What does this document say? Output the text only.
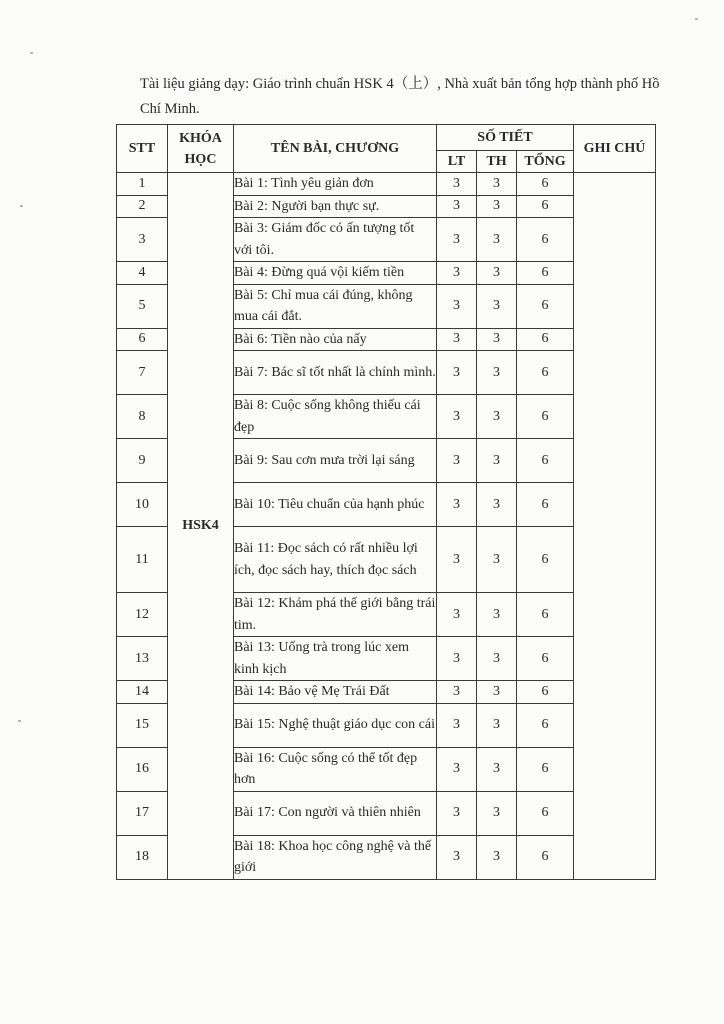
Tài liệu giảng dạy: Giáo trình chuẩn HSK 4（上）, Nhà xuất bản tổng hợp thành phố Hồ Chí Minh.
STT	KHÓA HỌC	TÊN BÀI, CHƯƠNG	SỐ TIẾT			GHI CHÚ
			LT	TH	TỔNG	
1	HSK4	Bài 1: Tình yêu giản đơn	3	3	6	
2		Bài 2: Người bạn thực sự.	3	3	6	
3		Bài 3: Giám đốc có ấn tượng tốt với tôi.	3	3	6	
4		Bài 4: Đừng quá vội kiếm tiền	3	3	6	
5		Bài 5: Chỉ mua cái đúng, không mua cái đắt.	3	3	6	
6		Bài 6: Tiền nào của nấy	3	3	6	
7		Bài 7: Bác sĩ tốt nhất là chính mình.	3	3	6	
8		Bài 8: Cuộc sống không thiếu cái đẹp	3	3	6	
9		Bài 9: Sau cơn mưa trời lại sáng	3	3	6	
10		Bài 10: Tiêu chuẩn của hạnh phúc	3	3	6	
11		Bài 11: Đọc sách có rất nhiều lợi ích, đọc sách hay, thích đọc sách	3	3	6	
12		Bài 12: Khám phá thế giới bằng trái tim.	3	3	6	
13		Bài 13: Uống trà trong lúc xem kinh kịch	3	3	6	
14		Bài 14: Bảo vệ Mẹ Trái Đất	3	3	6	
15		Bài 15: Nghệ thuật giáo dục con cái	3	3	6	
16		Bài 16: Cuộc sống có thể tốt đẹp hơn	3	3	6	
17		Bài 17: Con người và thiên nhiên	3	3	6	
18		Bài 18: Khoa học công nghệ và thế giới	3	3	6	
